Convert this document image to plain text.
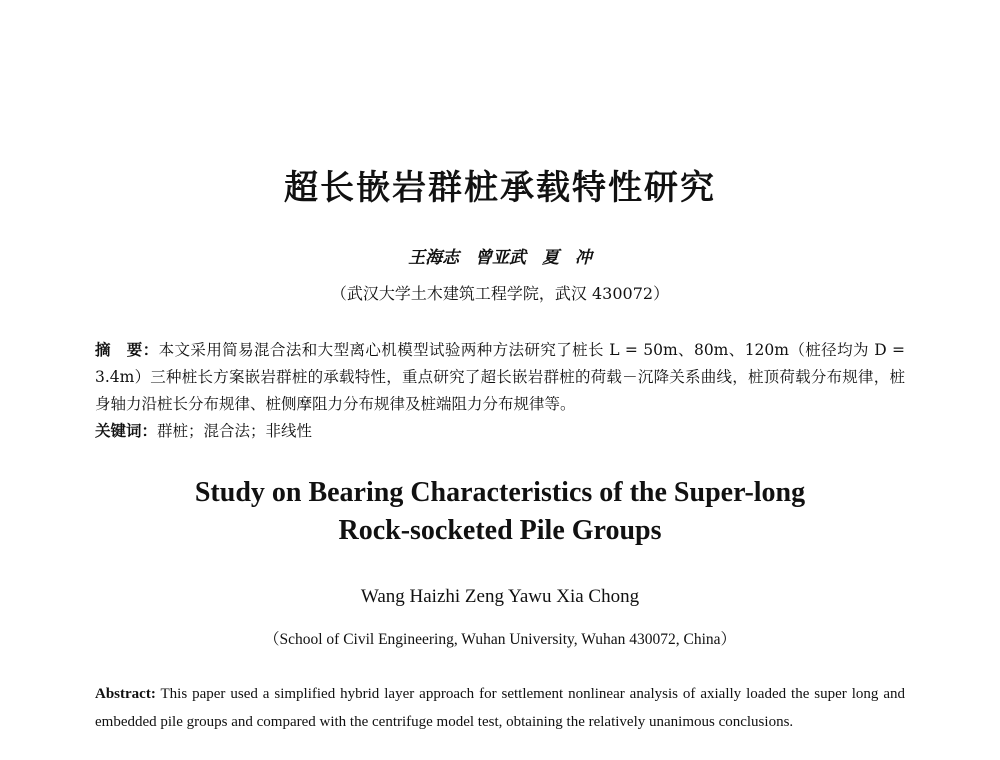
超长嵌岩群桩承载特性研究
王海志 曾亚武 夏 冲
（武汉大学土木建筑工程学院，武汉 430072）
摘　要：本文采用简易混合法和大型离心机模型试验两种方法研究了桩长 L = 50m、80m、120m（桩径均为 D = 3.4m）三种桩长方案嵌岩群桩的承载特性，重点研究了超长嵌岩群桩的荷载－沉降关系曲线，桩顶荷载分布规律，桩身轴力沿桩长分布规律、桩侧摩阻力分布规律及桩端阻力分布规律等。
关键词：群桩；混合法；非线性
Study on Bearing Characteristics of the Super-long
Rock-socketed Pile Groups
Wang Haizhi Zeng Yawu Xia Chong
（School of Civil Engineering, Wuhan University, Wuhan 430072, China）
Abstract: This paper used a simplified hybrid layer approach for settlement nonlinear analysis of axially loaded the super long and embedded pile groups and compared with the centrifuge model test, obtaining the relatively unanimous conclusions.
